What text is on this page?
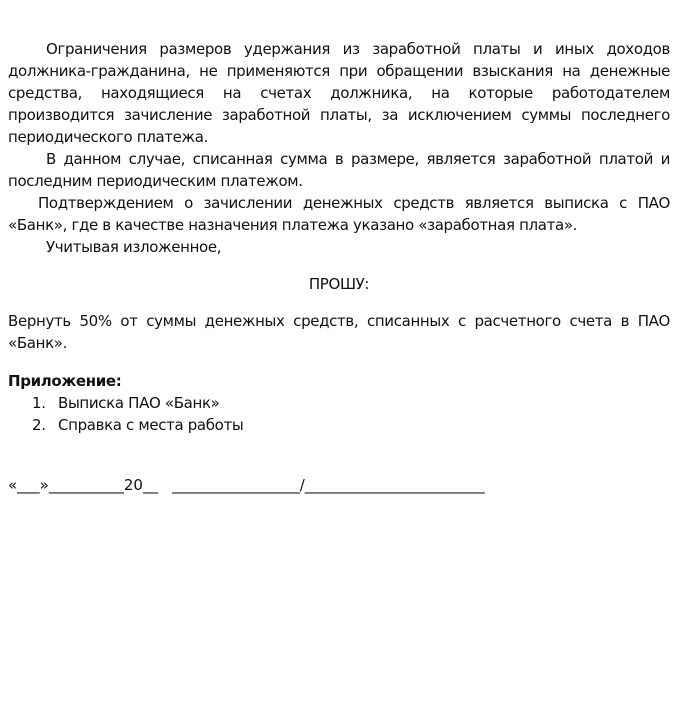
Ограничения размеров удержания из заработной платы и иных доходов должника-гражданина, не применяются при обращении взыскания на денежные средства, находящиеся на счетах должника, на которые работодателем производится зачисление заработной платы, за исключением суммы последнего периодического платежа.

В данном случае, списанная сумма в размере, является заработной платой и последним периодическим платежом.

Подтверждением о зачислении денежных средств является выписка с ПАО «Банк», где в качестве назначения платежа указано «заработная плата».

Учитывая изложенное,

ПРОШУ:

Вернуть 50% от суммы денежных средств, списанных с расчетного счета в ПАО «Банк».

Приложение:

1. Выписка ПАО «Банк»
2. Справка с места работы
«___»__________20__   _________________/________________________
